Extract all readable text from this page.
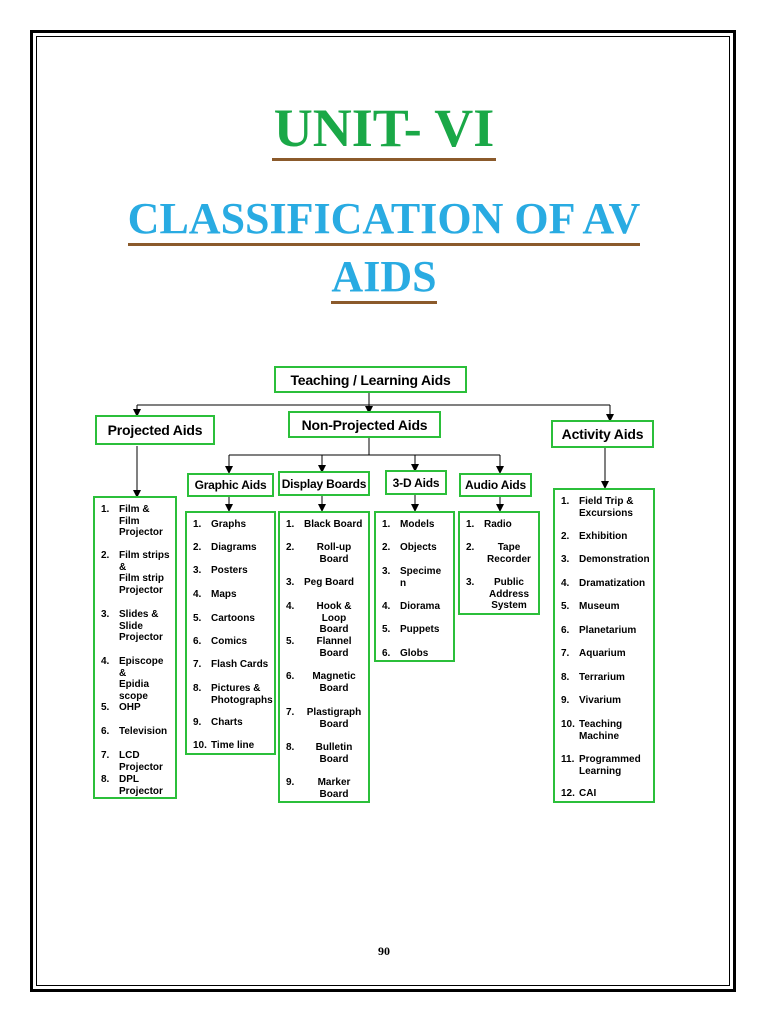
UNIT- VI
CLASSIFICATION OF AV
AIDS
Teaching / Learning Aids
Projected Aids	Non-Projected Aids
Activity Aids
Graphic Aids Display Boards 3-D Aids Audio Aids
1. Film &
Film
Projector
2. Film strips
&
Film strip
Projector
3. Slides &
Slide
Projector
4. Episcope &
Epidia
scope
5. OHP
6. Television
7. LCD
Projector
8. DPL
Projector
1. Graphs
2. Diagrams
3. Posters
4. Maps
5. Cartoons
6. Comics
7. Flash Cards
8. Pictures &
Photographs
9. Charts
10. Time line
1. Black Board
2.	Roll-up
Board
3. Peg Board
4.	Hook & Loop
Board
5.	Flannel
Board
6.	Magnetic
Board
7.	Plastigraph
Board
8.	Bulletin
Board
9.	Marker
Board
1. Models
2. Objects
3. Specime
n
4. Diorama
5. Puppets
6. Globs
1. Radio
2.	Tape
Recorder
3.	Public
Address
System
1. Field Trip &
Excursions
2. Exhibition
3. Demonstration
4. Dramatization
5. Museum
6. Planetarium
7. Aquarium
8. Terrarium
9. Vivarium
10. Teaching
Machine
11. Programmed
Learning
12. CAI
90
